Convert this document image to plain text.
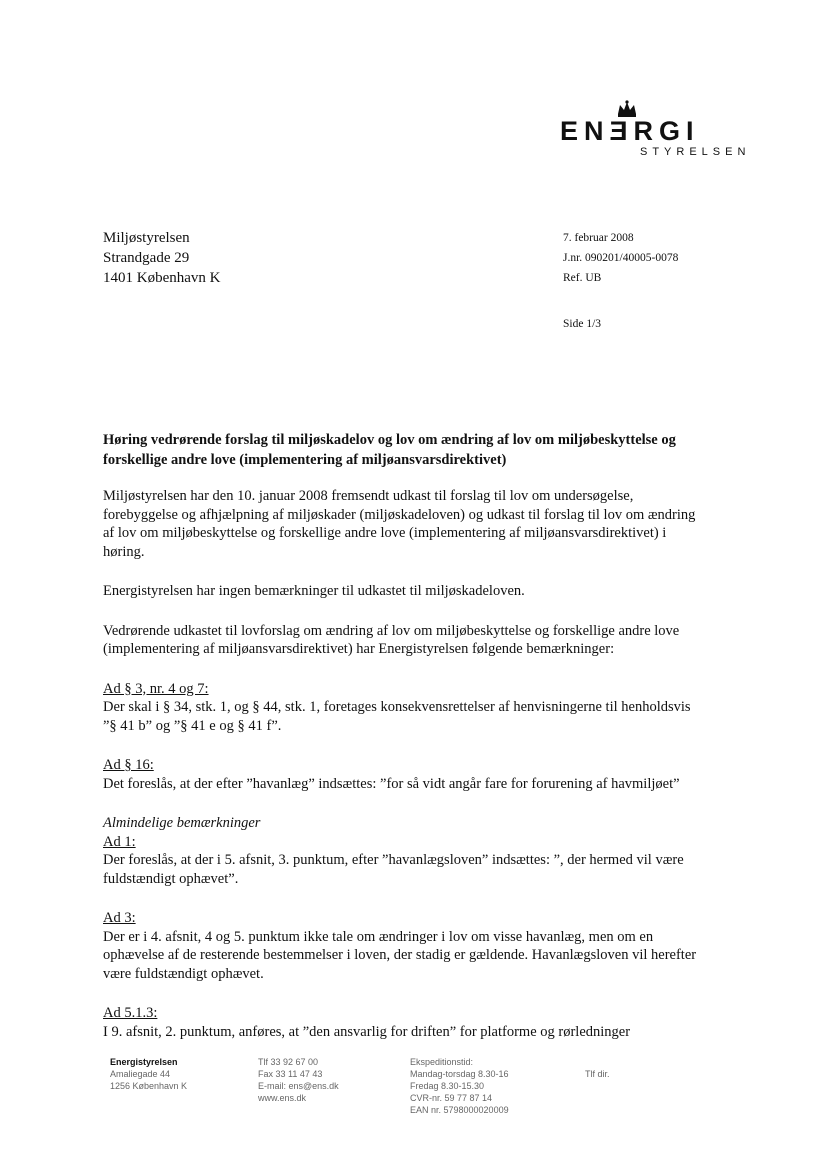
ENƎRGI
STYRELSEN
Miljøstyrelsen
Strandgade 29
1401 København K
7. februar 2008
J.nr. 090201/40005-0078
Ref. UB
Side 1/3
Høring vedrørende forslag til miljøskadelov og lov om ændring af lov om miljøbeskyttelse og forskellige andre love (implementering af miljøansvarsdirektivet)

Miljøstyrelsen har den 10. januar 2008 fremsendt udkast til forslag til lov om undersøgelse, forebyggelse og afhjælpning af miljøskader (miljøskadeloven) og udkast til forslag til lov om ændring af lov om miljøbeskyttelse og forskellige andre love (implementering af miljøansvarsdirektivet) i høring.

Energistyrelsen har ingen bemærkninger til udkastet til miljøskadeloven.

Vedrørende udkastet til lovforslag om ændring af lov om miljøbeskyttelse og forskellige andre love (implementering af miljøansvarsdirektivet) har Energistyrelsen følgende bemærkninger:

Ad § 3, nr. 4 og 7:
Der skal i § 34, stk. 1, og § 44, stk. 1, foretages konsekvensrettelser af henvisningerne til henholdsvis ”§ 41 b” og ”§ 41 e og § 41 f”.
Ad § 16:
Det foreslås, at der efter ”havanlæg” indsættes: ”for så vidt angår fare for forurening af havmiljøet”
Almindelige bemærkninger
Ad 1:
Der foreslås, at der i 5. afsnit, 3. punktum, efter ”havanlægsloven” indsættes: ”, der hermed vil være fuldstændigt ophævet”.
Ad 3:
Der er i 4. afsnit, 4 og 5. punktum ikke tale om ændringer i lov om visse havanlæg, men om en ophævelse af de resterende bestemmelser i loven, der stadig er gældende. Havanlægsloven vil herefter være fuldstændigt ophævet.
Ad 5.1.3:
I 9. afsnit, 2. punktum, anføres, at ”den ansvarlig for driften” for platforme og rørledninger
Energistyrelsen
Amaliegade 44
1256 København K
Tlf 33 92 67 00
Fax 33 11 47 43
E-mail: ens@ens.dk
www.ens.dk
Ekspeditionstid:
Mandag-torsdag 8.30-16
Fredag 8.30-15.30
CVR-nr. 59 77 87 14
EAN nr. 5798000020009
Tlf dir.
